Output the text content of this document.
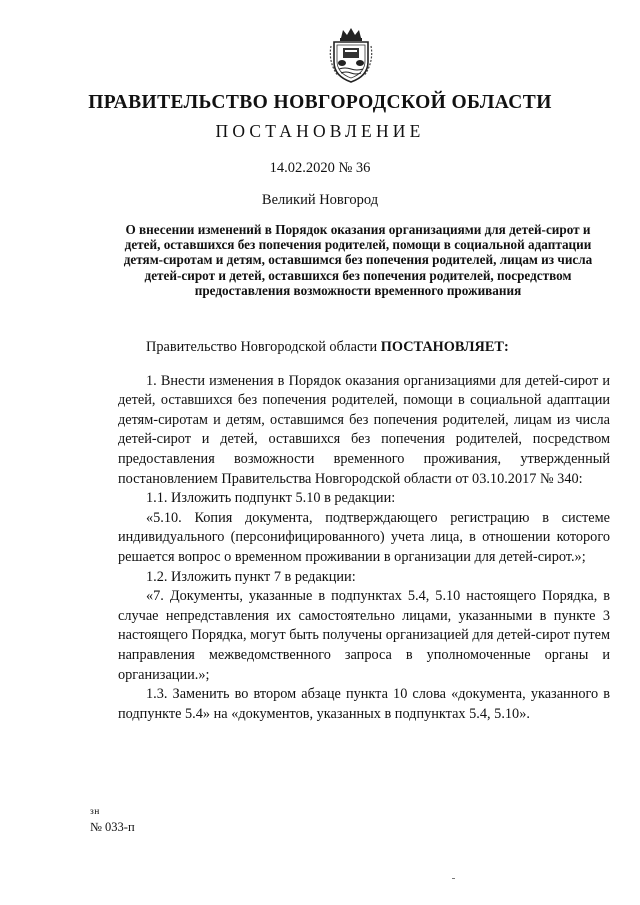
ПРАВИТЕЛЬСТВО НОВГОРОДСКОЙ ОБЛАСТИ
ПОСТАНОВЛЕНИЕ
14.02.2020 № 36
Великий Новгород
О внесении изменений в Порядок оказания организациями для детей-сирот и детей, оставшихся без попечения родителей, помощи в социальной адаптации детям-сиротам и детям, оставшимся без попечения родителей, лицам из числа детей-сирот и детей, оставшихся без попечения родителей, посредством предоставления возможности временного проживания

Правительство Новгородской области ПОСТАНОВЛЯЕТ:

1. Внести изменения в Порядок оказания организациями для детей-сирот и детей, оставшихся без попечения родителей, помощи в социальной адаптации детям-сиротам и детям, оставшимся без попечения родителей, лицам из числа детей-сирот и детей, оставшихся без попечения родителей, посредством предоставления возможности временного проживания, утвержденный постановлением Правительства Новгородской области от 03.10.2017 № 340:

1.1. Изложить подпункт 5.10 в редакции:

«5.10. Копия документа, подтверждающего регистрацию в системе индивидуального (персонифицированного) учета лица, в отношении которого решается вопрос о временном проживании в организации для детей-сирот.»;

1.2. Изложить пункт 7 в редакции:

«7. Документы, указанные в подпунктах 5.4, 5.10 настоящего Порядка, в случае непредставления их самостоятельно лицами, указанными в пункте 3 настоящего Порядка, могут быть получены организацией для детей-сирот путем направления межведомственного запроса в уполномоченные органы и организации.»;

1.3. Заменить во втором абзаце пункта 10 слова «документа, указанного в подпункте 5.4» на «документов, указанных в подпунктах 5.4, 5.10».

зн
№ 033-п
